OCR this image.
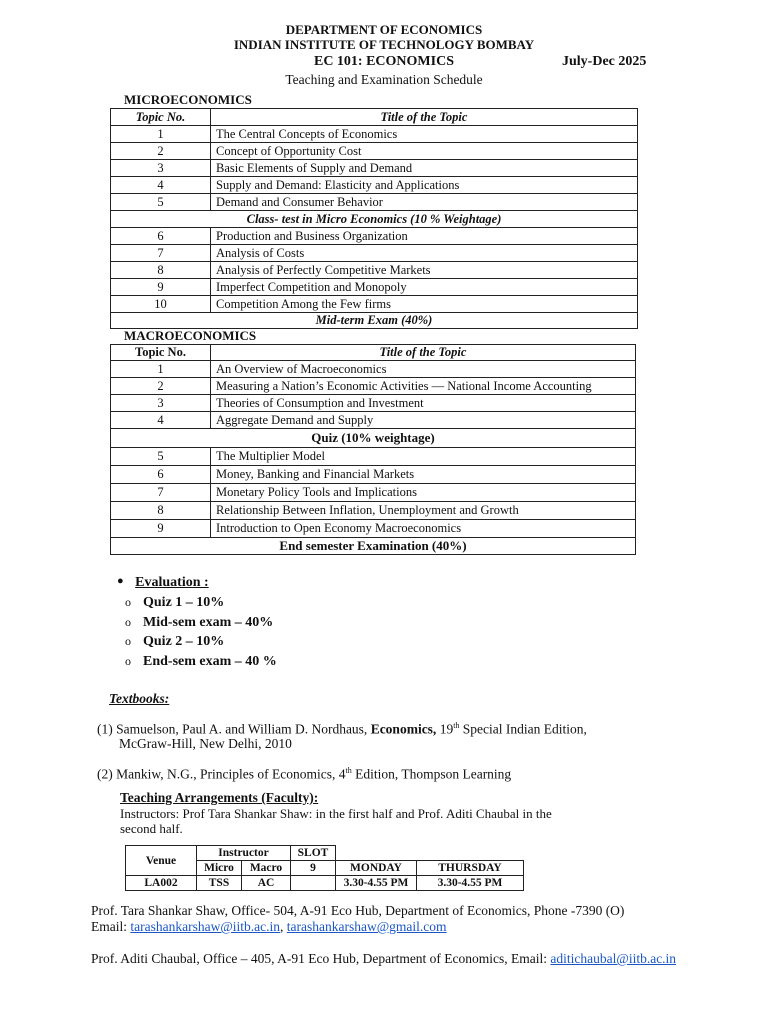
DEPARTMENT OF ECONOMICS
INDIAN INSTITUTE OF TECHNOLOGY BOMBAY
EC 101: ECONOMICS	July-Dec 2025
Teaching and Examination Schedule
MICROECONOMICS
Topic No.	Title of the Topic
1	The Central Concepts of Economics
2	Concept of Opportunity Cost
3	Basic Elements of Supply and Demand
4	Supply and Demand: Elasticity and Applications
5	Demand and Consumer Behavior
Class- test in Micro Economics (10 % Weightage)	
6	Production and Business Organization
7	Analysis of Costs
8	Analysis of Perfectly Competitive Markets
9	Imperfect Competition and Monopoly
10	Competition Among the Few firms
Mid-term Exam (40%)	
MACROECONOMICS
Topic No.	Title of the Topic
1	An Overview of Macroeconomics
2	Measuring a Nation’s Economic Activities — National Income Accounting
3	Theories of Consumption and Investment
4	Aggregate Demand and Supply
Quiz (10% weightage)	
5	The Multiplier Model
6	Money, Banking and Financial Markets
7	Monetary Policy Tools and Implications
8	Relationship Between Inflation, Unemployment and Growth
9	Introduction to Open Economy Macroeconomics
End semester Examination (40%)	
● Evaluation :
o Quiz 1 – 10%
o Mid-sem exam – 40%
o Quiz 2 – 10%
o End-sem exam – 40 %
Textbooks:
(1) Samuelson, Paul A. and William D. Nordhaus, Economics, 19th Special Indian Edition,
McGraw-Hill, New Delhi, 2010
(2) Mankiw, N.G., Principles of Economics, 4th Edition, Thompson Learning
Teaching Arrangements (Faculty):
Instructors: Prof Tara Shankar Shaw: in the first half and Prof. Aditi Chaubal in the
second half.
Venue	Instructor		SLOT		
	Micro	Macro	9	MONDAY	THURSDAY
LA002	TSS	AC		3.30-4.55 PM	3.30-4.55 PM
Prof. Tara Shankar Shaw, Office- 504, A-91 Eco Hub, Department of Economics, Phone -7390 (O)
Email: tarashankarshaw@iitb.ac.in, tarashankarshaw@gmail.com
Prof. Aditi Chaubal, Office – 405, A-91 Eco Hub, Department of Economics, Email: aditichaubal@iitb.ac.in
